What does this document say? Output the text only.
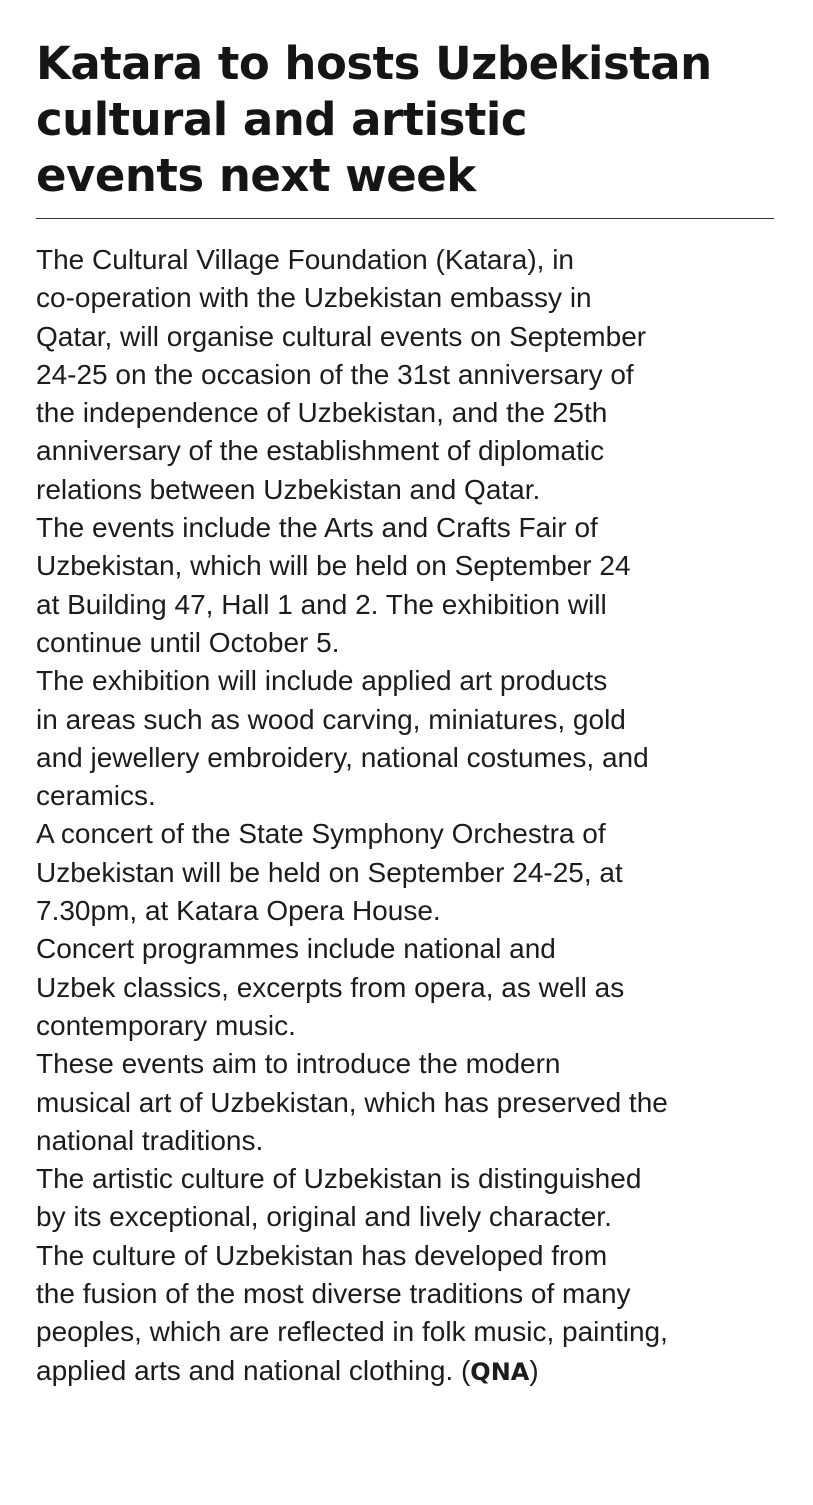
Katara to hosts Uzbekistan
cultural and artistic
events next week
The Cultural Village Foundation (Katara), in
co-operation with the Uzbekistan embassy in
Qatar, will organise cultural events on September
24-25 on the occasion of the 31st anniversary of
the independence of Uzbekistan, and the 25th
anniversary of the establishment of diplomatic
relations between Uzbekistan and Qatar.
The events include the Arts and Crafts Fair of
Uzbekistan, which will be held on September 24
at Building 47, Hall 1 and 2. The exhibition will
continue until October 5.
The exhibition will include applied art products
in areas such as wood carving, miniatures, gold
and jewellery embroidery, national costumes, and
ceramics.
A concert of the State Symphony Orchestra of
Uzbekistan will be held on September 24-25, at
7.30pm, at Katara Opera House.
Concert programmes include national and
Uzbek classics, excerpts from opera, as well as
contemporary music.
These events aim to introduce the modern
musical art of Uzbekistan, which has preserved the
national traditions.
The artistic culture of Uzbekistan is distinguished
by its exceptional, original and lively character.
The culture of Uzbekistan has developed from
the fusion of the most diverse traditions of many
peoples, which are reflected in folk music, painting,
applied arts and national clothing. (QNA)
